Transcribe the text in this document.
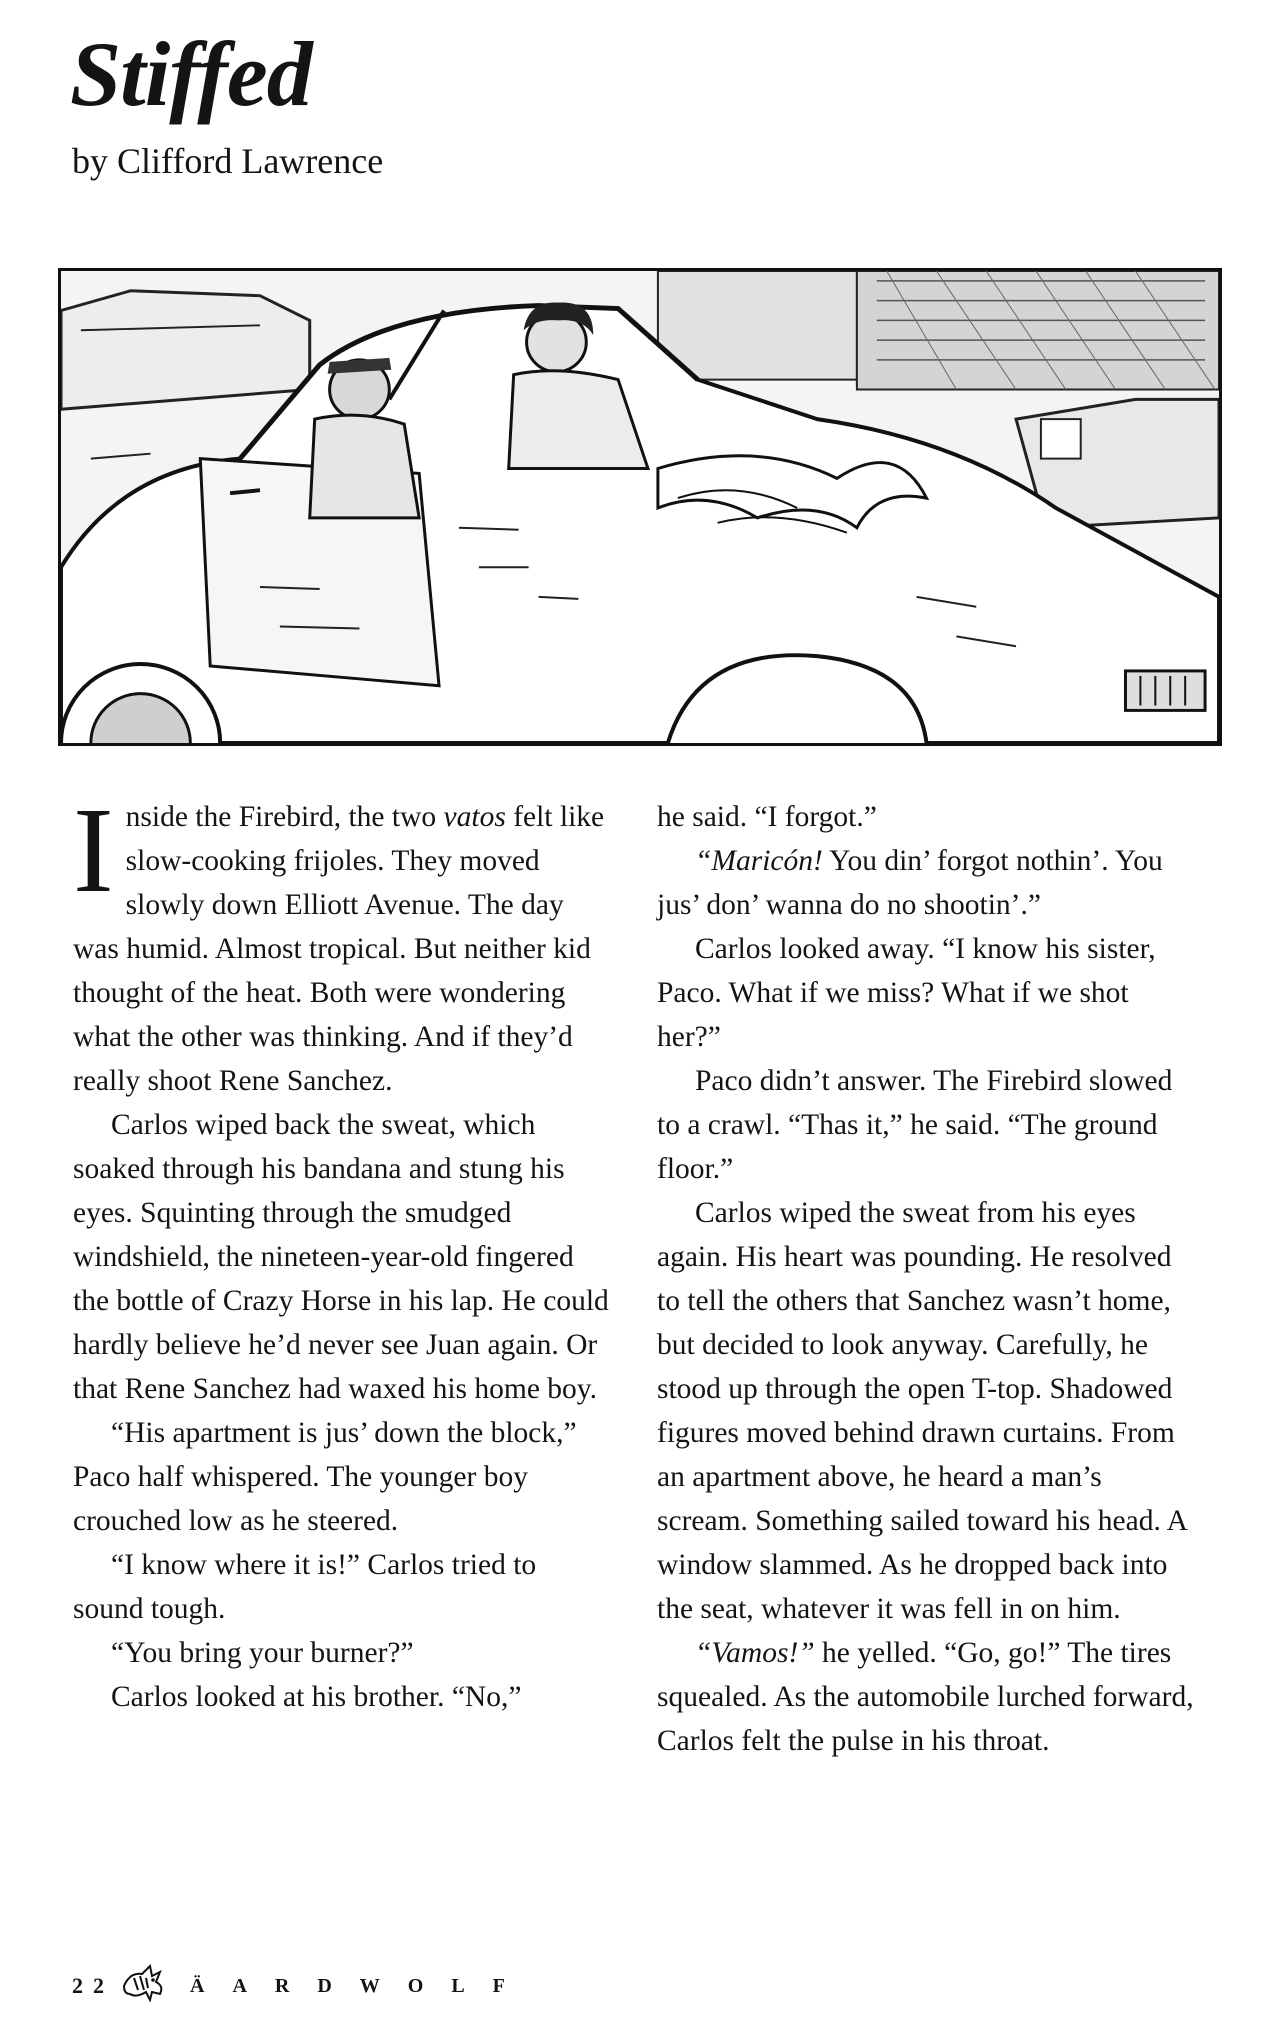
Stiffed
by Clifford Lawrence

Inside the Firebird, the two vatos felt like slow-cooking frijoles. They moved slowly down Elliott Avenue. The day was humid. Almost tropical. But neither kid thought of the heat. Both were wondering what the other was thinking. And if they’d really shoot Rene Sanchez.

Carlos wiped back the sweat, which soaked through his bandana and stung his eyes. Squinting through the smudged windshield, the nineteen-year-old fingered the bottle of Crazy Horse in his lap. He could hardly believe he’d never see Juan again. Or that Rene Sanchez had waxed his home boy.

“His apartment is jus’ down the block,” Paco half whispered. The younger boy crouched low as he steered.

“I know where it is!” Carlos tried to sound tough.

“You bring your burner?”

Carlos looked at his brother. “No,”

he said. “I forgot.”

“Maricón! You din’ forgot nothin’. You jus’ don’ wanna do no shootin’.”

Carlos looked away. “I know his sister, Paco. What if we miss? What if we shot her?”

Paco didn’t answer. The Firebird slowed to a crawl. “Thas it,” he said. “The ground floor.”

Carlos wiped the sweat from his eyes again. His heart was pounding. He resolved to tell the others that Sanchez wasn’t home, but decided to look anyway. Carefully, he stood up through the open T-top. Shadowed figures moved behind drawn curtains. From an apartment above, he heard a man’s scream. Something sailed toward his head. A window slammed. As he dropped back into the seat, whatever it was fell in on him.

“Vamos!” he yelled. “Go, go!” The tires squealed. As the automobile lurched forward, Carlos felt the pulse in his throat.

22	ÄARDWOLF
